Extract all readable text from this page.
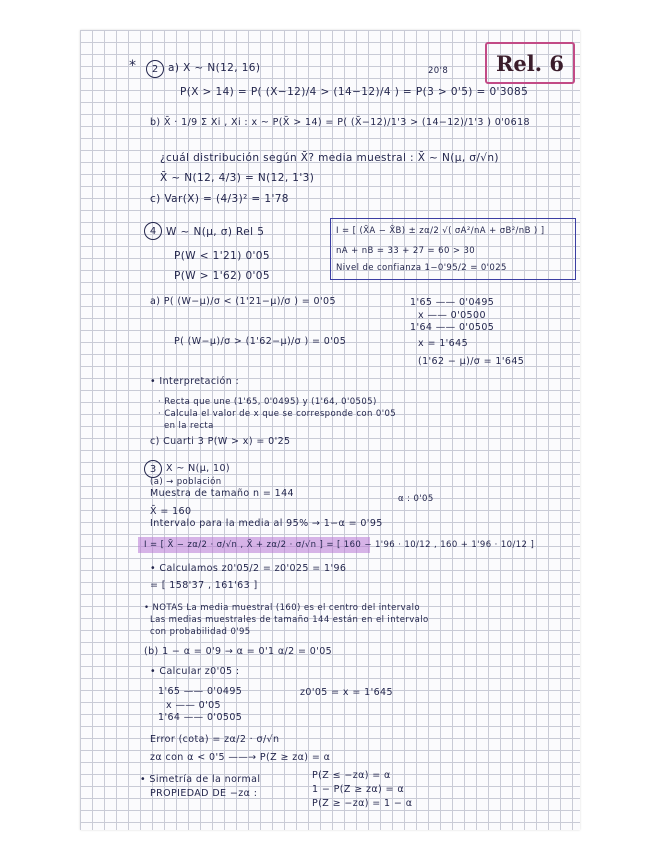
Rel. 6
*	2 a) X ~ N(12, 16)	20'8
P(X > 14) = P( (X−12)/4 > (14−12)/4 ) = P(3 > 0'5) = 0'3085
b) X̄ · 1/9 Σ Xi , Xi : x ~ P(X̄ > 14) = P( (X̄−12)/1'3 > (14−12)/1'3 ) 0'0618
¿cuál distribución según X̄? media muestral : X̄ ~ N(μ, σ/√n)
X̄ ~ N(12, 4/3) = N(12, 1'3)
c) Var(X) = (4/3)² = 1'78
4 W ~ N(μ, σ) Rel 5
P(W < 1'21) 0'05
P(W > 1'62) 0'05
I = [ (X̄A − X̄B) ± zα/2 √( σA²/nA + σB²/nB ) ]
nA + nB = 33 + 27 = 60 > 30
Nivel de confianza 1−0'95/2 = 0'025
a) P( (W−μ)/σ < (1'21−μ)/σ ) = 0'05
P( (W−μ)/σ > (1'62−μ)/σ ) = 0'05
1'65 —— 0'0495
x —— 0'0500
1'64 —— 0'0505
x = 1'645
(1'62 − μ)/σ = 1'645
• Interpretación :
· Recta que une (1'65, 0'0495) y (1'64, 0'0505)
· Calcula el valor de x que se corresponde con 0'05
en la recta
c) Cuarti 3 P(W > x) = 0'25
3	X ~ N(μ, 10)
(a) → población
Muestra de tamaño n = 144	α : 0'05
X̄ = 160
Intervalo para la media al 95% → 1−α = 0'95
I = [ X̄ − zα/2 · σ/√n , X̄ + zα/2 · σ/√n ] = [ 160 − 1'96 · 10/12 , 160 + 1'96 · 10/12 ]
• Calculamos z0'05/2 = z0'025 = 1'96
= [ 158'37 , 161'63 ]
• NOTAS La media muestral (160) es el centro del intervalo
Las medias muestrales de tamaño 144 están en el intervalo
con probabilidad 0'95
(b) 1 − α = 0'9 → α = 0'1 α/2 = 0'05
• Calcular z0'05 :
1'65 —— 0'0495
x —— 0'05
1'64 —— 0'0505
z0'05 = x = 1'645
Error (cota) = zα/2 · σ/√n
zα con α < 0'5 ——→ P(Z ≥ zα) = α
• Simetría de la normal
PROPIEDAD DE −zα :
P(Z ≤ −zα) = α
1 − P(Z ≥ zα) = α
P(Z ≥ −zα) = 1 − α
